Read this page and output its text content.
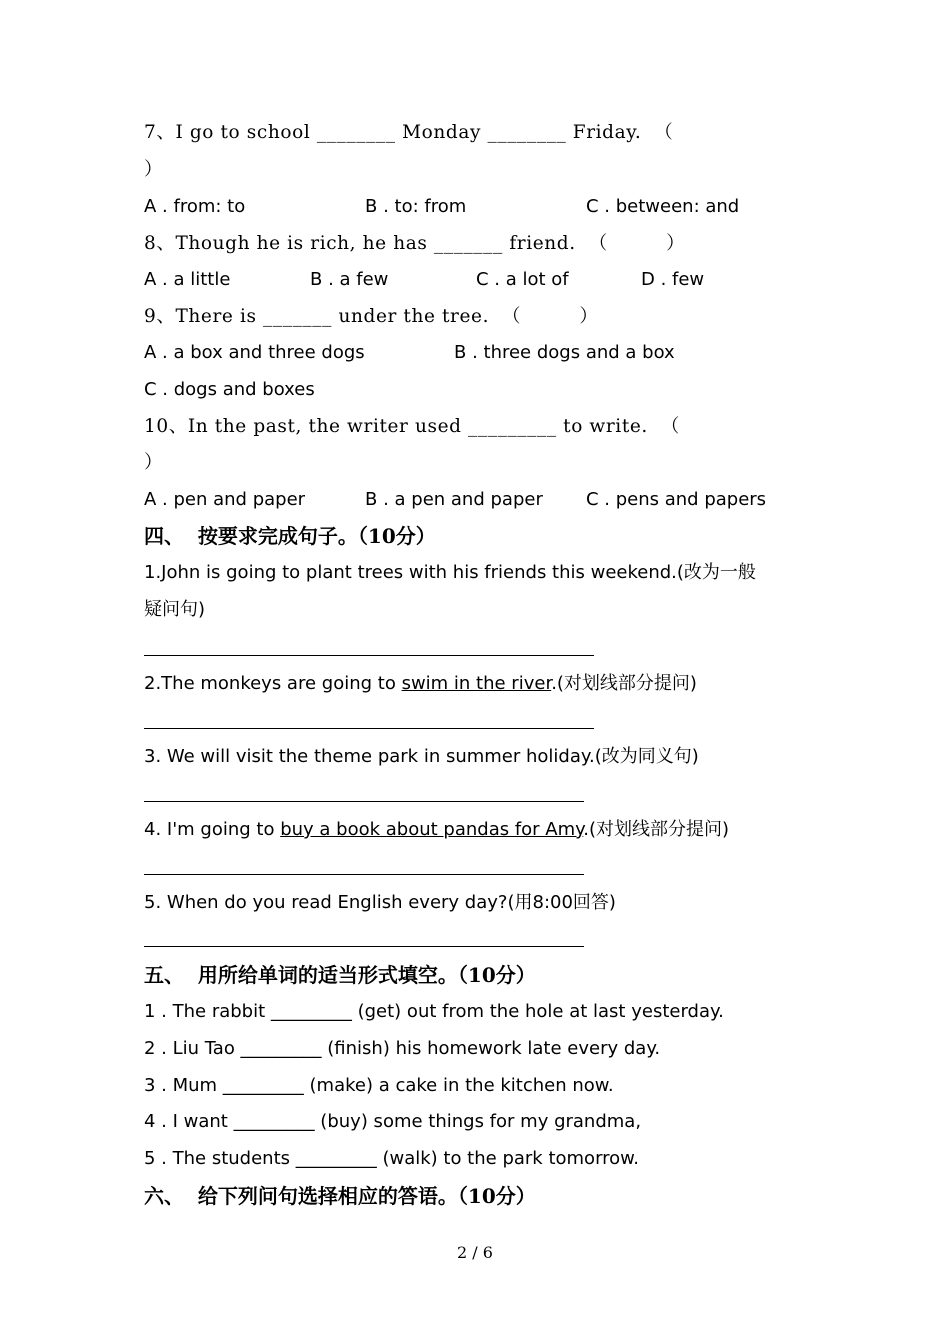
7、I go to school ________ Monday ________ Friday.  （
）
A . from: to	B . to: from	C . between: and
8、Though he is rich, he has _______ friend.  （         ）
A . a little	B . a few	C . a lot of	D . few
9、There is _______ under the tree.  （         ）
A . a box and three dogs	B . three dogs and a box
C . dogs and boxes
10、In the past, the writer used _________ to write.  （
）
A . pen and paper	B . a pen and paper C . pens and papers
四、  按要求完成句子。（10分）
1.John is going to plant trees with his friends this weekend.(改为一般
疑问句)
2.The monkeys are going to swim in the river.(对划线部分提问)
3. We will visit the theme park in summer holiday.(改为同义句)
4. I'm going to buy a book about pandas for Amy.(对划线部分提问)
5. When do you read English every day?(用8:00回答)
五、  用所给单词的适当形式填空。（10分）
1 . The rabbit _________ (get) out from the hole at last yesterday.
2 . Liu Tao _________ (finish) his homework late every day.
3 . Mum _________ (make) a cake in the kitchen now.
4 . I want _________ (buy) some things for my grandma,
5 . The students _________ (walk) to the park tomorrow.
六、  给下列问句选择相应的答语。（10分）
2 / 6
